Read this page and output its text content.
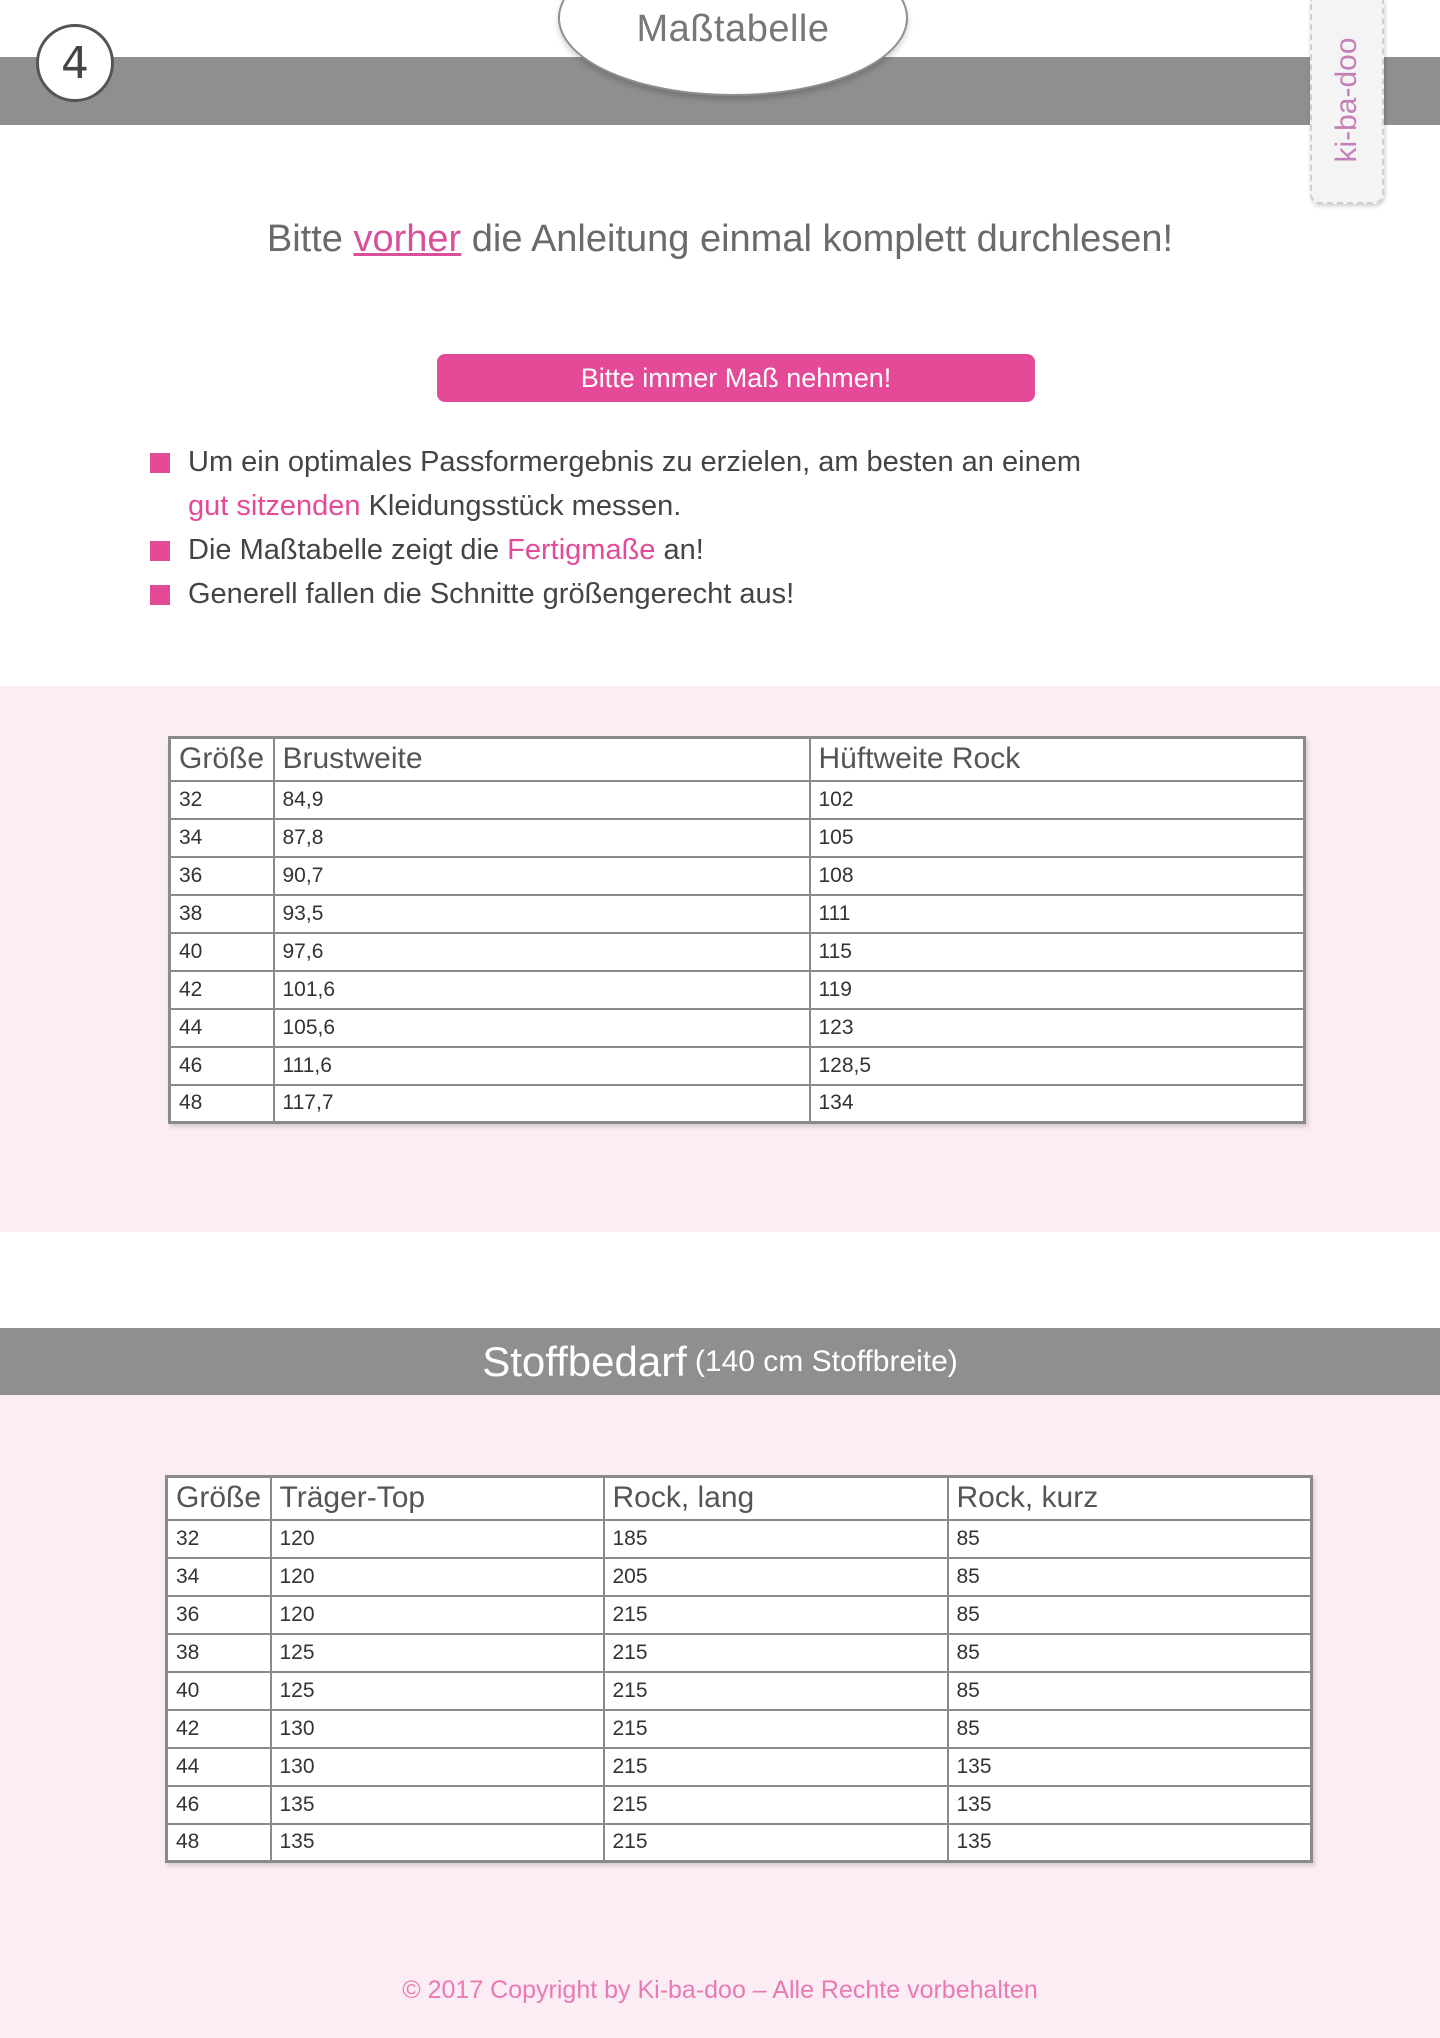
Maßtabelle
4	ki-ba-doo
Bitte vorher die Anleitung einmal komplett durchlesen!
Bitte immer Maß nehmen!
Um ein optimales Passformergebnis zu erzielen, am besten an einem
gut sitzenden Kleidungsstück messen.
Die Maßtabelle zeigt die Fertigmaße an!
Generell fallen die Schnitte größengerecht aus!
Größe	Brustweite	Hüftweite Rock
32	84,9	102
34	87,8	105
36	90,7	108
38	93,5	111
40	97,6	115
42	101,6	119
44	105,6	123
46	111,6	128,5
48	117,7	134
Stoffbedarf (140 cm Stoffbreite)
Größe	Träger-Top	Rock, lang	Rock, kurz
32	120	185	85
34	120	205	85
36	120	215	85
38	125	215	85
40	125	215	85
42	130	215	85
44	130	215	135
46	135	215	135
48	135	215	135
© 2017 Copyright by Ki-ba-doo – Alle Rechte vorbehalten
